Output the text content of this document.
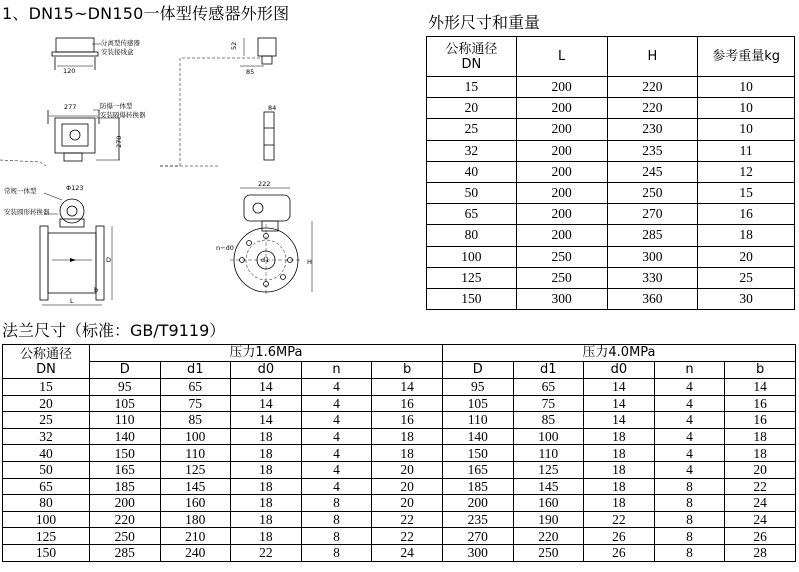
1、DN15~DN150一体型传感器外形图	外形尺寸和重量
法兰尺寸（标准：GB/T9119）
120
分离型传感器
安装接线盒
277
270
防爆一体型
安装隔爆转换器
Φ123
常规一体型
安装圆形转换器
L
D
b
52
85
84
222
n−d0
d1	H
公称通径
DN	L	H	参考重量kg
15	200	220	10
20	200	220	10
25	200	230	10
32	200	235	11
40	200	245	12
50	200	250	15
65	200	270	16
80	200	285	18
100	250	300	20
125	250	330	25
150	300	360	30
公称通径
DN	压力1.6MPa					压力4.0MPa				
	D	d1	d0	n	b	D	d1	d0	n	b
15	95	65	14	4	14	95	65	14	4	14
20	105	75	14	4	16	105	75	14	4	16
25	110	85	14	4	16	110	85	14	4	16
32	140	100	18	4	18	140	100	18	4	18
40	150	110	18	4	18	150	110	18	4	18
50	165	125	18	4	20	165	125	18	4	20
65	185	145	18	4	20	185	145	18	8	22
80	200	160	18	8	20	200	160	18	8	24
100	220	180	18	8	22	235	190	22	8	24
125	250	210	18	8	22	270	220	26	8	26
150	285	240	22	8	24	300	250	26	8	28
